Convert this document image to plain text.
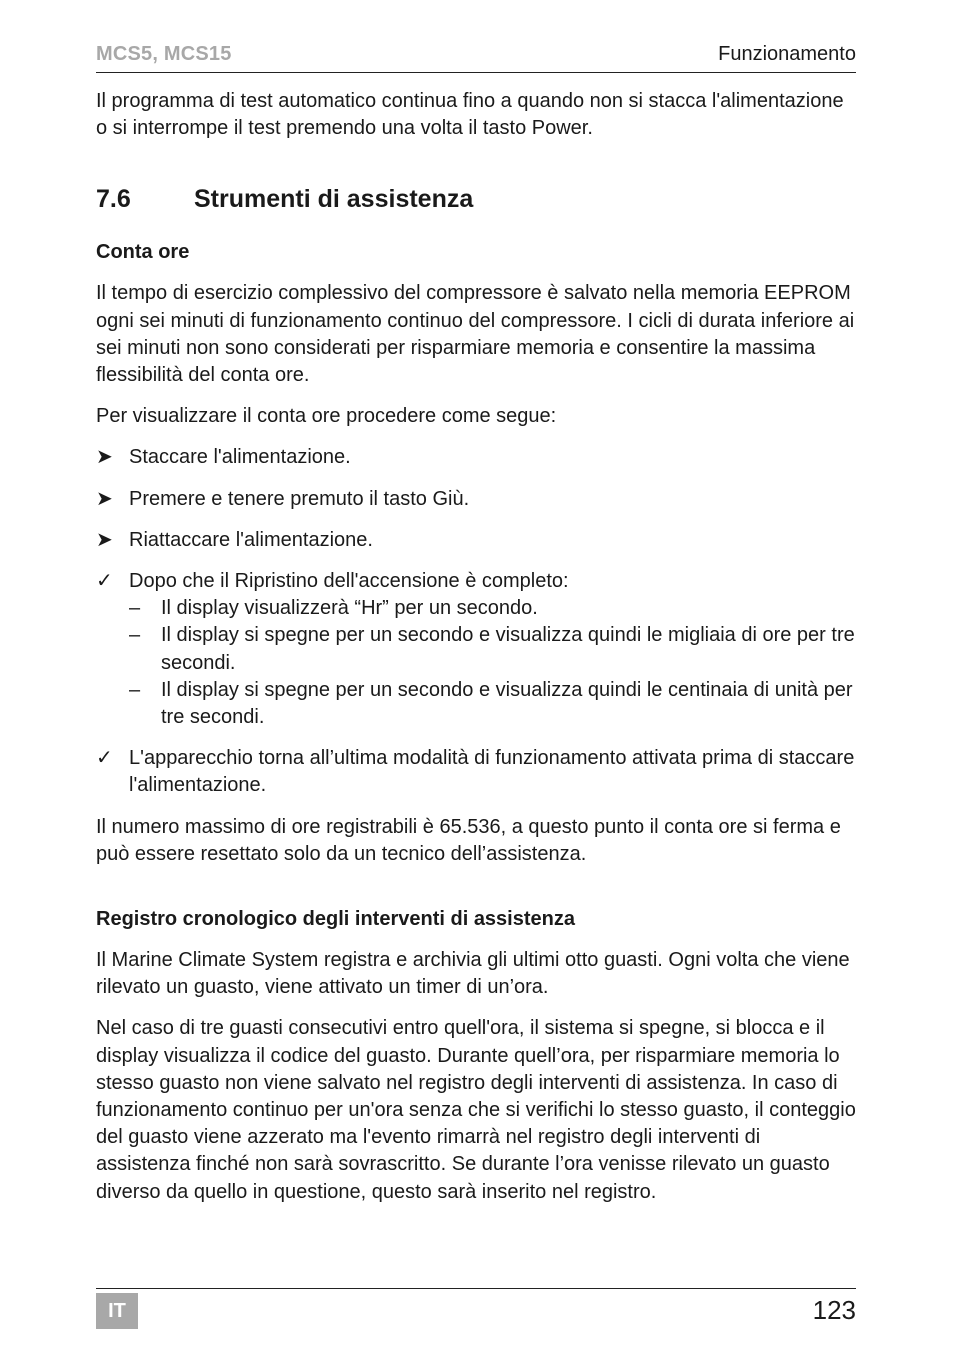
MCS5, MCS15	Funzionamento

Il programma di test automatico continua fino a quando non si stacca l'alimentazione o si interrompe il test premendo una volta il tasto Power.

7.6	Strumenti di assistenza
Conta ore

Il tempo di esercizio complessivo del compressore è salvato nella memoria EEPROM ogni sei minuti di funzionamento continuo del compressore. I cicli di durata inferiore ai sei minuti non sono considerati per risparmiare memoria e consentire la massima flessibilità del conta ore.

Per visualizzare il conta ore procedere come segue:

➤ Staccare l'alimentazione.
➤ Premere e tenere premuto il tasto Giù.
➤ Riattaccare l'alimentazione.
✓ Dopo che il Ripristino dell'accensione è completo:
–	Il display visualizzerà “Hr” per un secondo.
–	Il display si spegne per un secondo e visualizza quindi le migliaia di ore per tre secondi.
–	Il display si spegne per un secondo e visualizza quindi le centinaia di unità per tre secondi.
✓ L'apparecchio torna all’ultima modalità di funzionamento attivata prima di staccare l'alimentazione.

Il numero massimo di ore registrabili è 65.536, a questo punto il conta ore si ferma e può essere resettato solo da un tecnico dell’assistenza.

Registro cronologico degli interventi di assistenza

Il Marine Climate System registra e archivia gli ultimi otto guasti. Ogni volta che viene rilevato un guasto, viene attivato un timer di un’ora.

Nel caso di tre guasti consecutivi entro quell'ora, il sistema si spegne, si blocca e il display visualizza il codice del guasto. Durante quell’ora, per risparmiare memoria lo stesso guasto non viene salvato nel registro degli interventi di assistenza. In caso di funzionamento continuo per un'ora senza che si verifichi lo stesso guasto, il conteggio del guasto viene azzerato ma l'evento rimarrà nel registro degli interventi di assistenza finché non sarà sovrascritto. Se durante l’ora venisse rilevato un guasto diverso da quello in questione, questo sarà inserito nel registro.

IT	123
